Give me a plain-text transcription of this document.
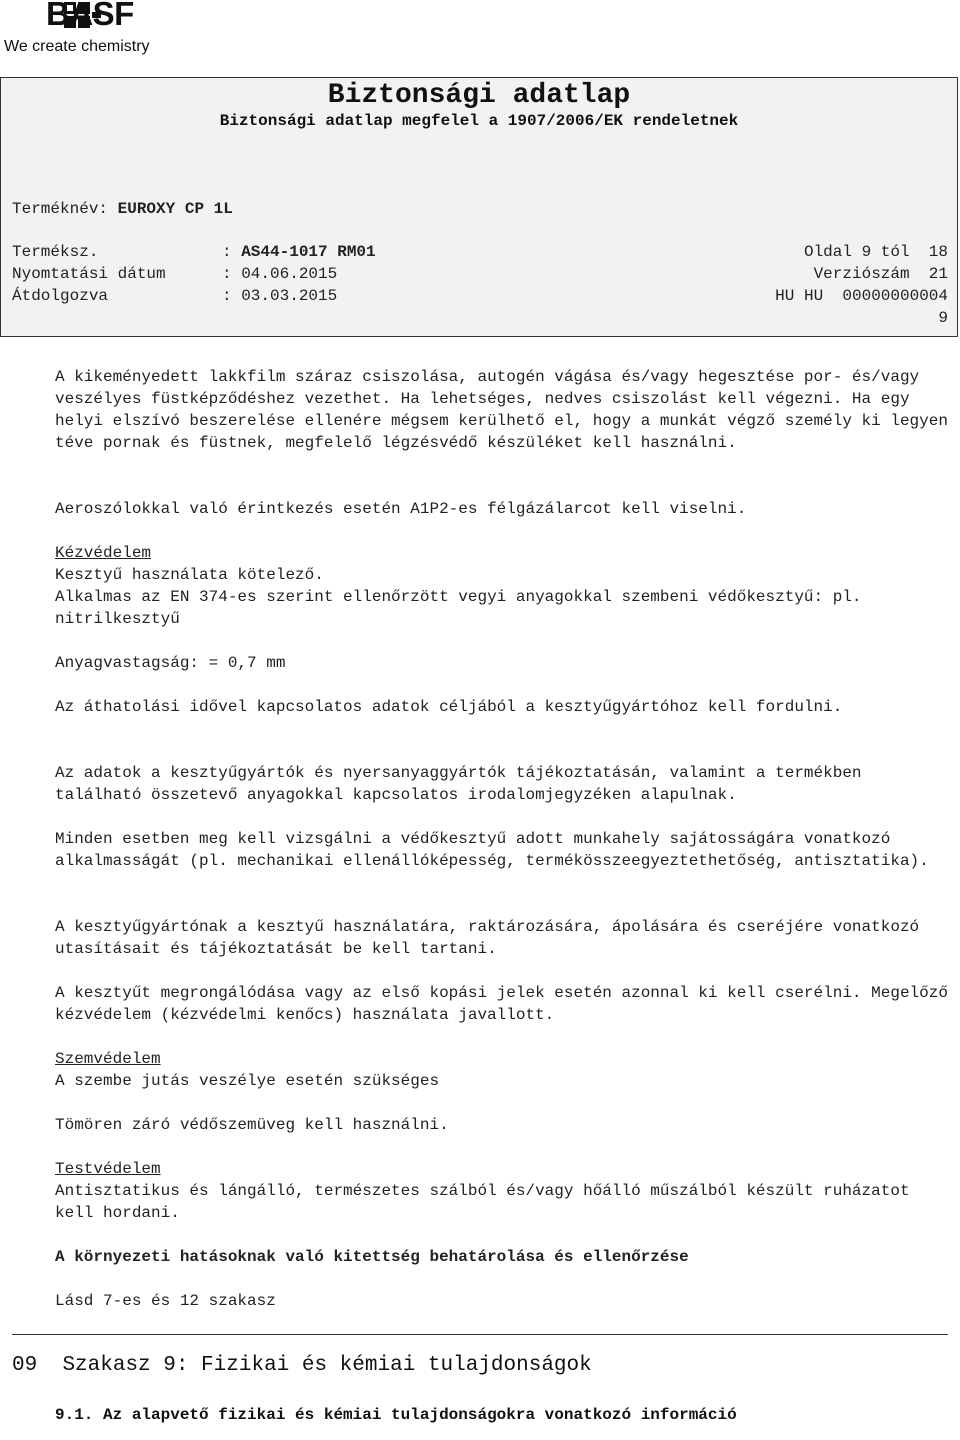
BASF
We create chemistry
Biztonsági adatlap
Biztonsági adatlap megfelel a 1907/2006/EK rendeletnek
Terméknév: EUROXY CP 1L
Terméksz.	: AS44-1017 RM01	Oldal 9 tól  18
Nyomtatási dátum	: 04.06.2015	Verziószám  21
Átdolgozva	: 03.03.2015	HU HU  00000000004
9

A kikeményedett lakkfilm száraz csiszolása, autogén vágása és/vagy hegesztése por- és/vagy veszélyes füstképződéshez vezethet. Ha lehetséges, nedves csiszolást kell végezni. Ha egy helyi elszívó beszerelése ellenére mégsem kerülhető el, hogy a munkát végző személy ki legyen téve pornak és füstnek, megfelelő légzésvédő készüléket kell használni.

Aeroszólokkal való érintkezés esetén A1P2-es félgázálarcot kell viselni.

Kézvédelem

Kesztyű használata kötelező.

Alkalmas az EN 374-es szerint ellenőrzött vegyi anyagokkal szembeni védőkesztyű: pl. nitrilkesztyű

Anyagvastagság: = 0,7 mm

Az áthatolási idővel kapcsolatos adatok céljából a kesztyűgyártóhoz kell fordulni.

Az adatok a kesztyűgyártók és nyersanyaggyártók tájékoztatásán, valamint a termékben található összetevő anyagokkal kapcsolatos irodalomjegyzéken alapulnak.

Minden esetben meg kell vizsgálni a védőkesztyű adott munkahely sajátosságára vonatkozó  alkalmasságát (pl. mechanikai ellenállóképesség, termékösszeegyeztethetőség, antisztatika).

A kesztyűgyártónak a kesztyű használatára, raktározására, ápolására és cseréjére vonatkozó utasításait és tájékoztatását be kell tartani.

A kesztyűt megrongálódása vagy az első kopási jelek esetén azonnal ki kell cserélni. Megelőző kézvédelem (kézvédelmi kenőcs) használata javallott.

Szemvédelem

A szembe jutás veszélye esetén szükséges

Tömören záró védőszemüveg kell használni.

Testvédelem

Antisztatikus és lángálló, természetes szálból és/vagy hőálló műszálból készült ruházatot kell hordani.

A környezeti hatásoknak való kitettség behatárolása és ellenőrzése

Lásd 7-es és 12 szakasz

09 Szakasz 9: Fizikai és kémiai tulajdonságok
9.1. Az alapvető fizikai és kémiai tulajdonságokra vonatkozó információ
